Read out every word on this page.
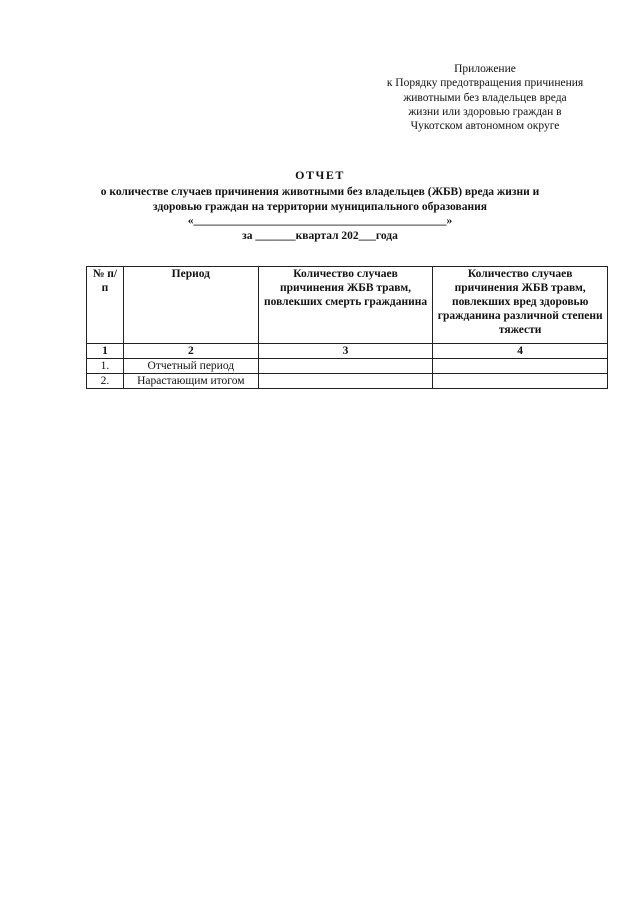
Приложение
к Порядку предотвращения причинения
животными без владельцев вреда
жизни или здоровью граждан в
Чукотском автономном округе
ОТЧЕТ
о количестве случаев причинения животными без владельцев (ЖБВ) вреда жизни и
здоровью граждан на территории муниципального образования
«____________________________________________»
за _______квартал 202___года
№ п/п	Период	Количество случаев причинения ЖБВ травм, повлекших смерть гражданина	Количество случаев причинения ЖБВ травм, повлекших вред здоровью гражданина различной степени тяжести
1	2	3	4
1.	Отчетный период		
2.	Нарастающим итогом		
